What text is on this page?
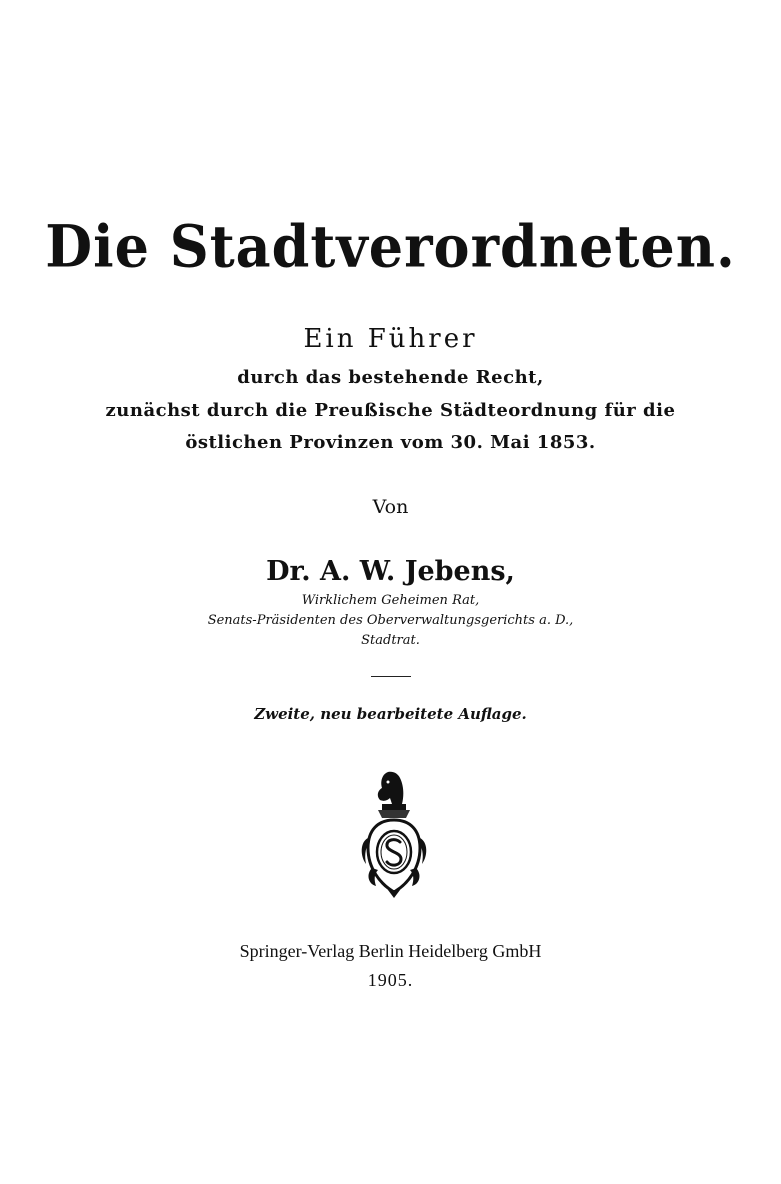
Die Stadtverordneten.
Ein Führer
durch das bestehende Recht,
zunächst durch die Preußische Städteordnung für die
östlichen Provinzen vom 30. Mai 1853.
Von
Dr. A. W. Jebens,
Wirklichem Geheimen Rat,
Senats-Präsidenten des Oberverwaltungsgerichts a. D.,
Stadtrat.
Zweite, neu bearbeitete Auflage.
Springer-Verlag Berlin Heidelberg GmbH
1905.
